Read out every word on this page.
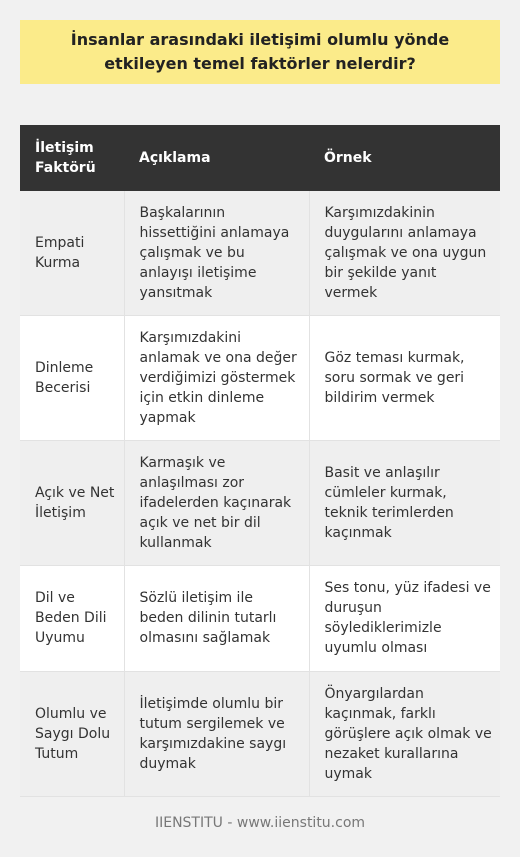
İnsanlar arasındaki iletişimi olumlu yönde etkileyen temel faktörler nelerdir?
İletişim Faktörü	Açıklama	Örnek
Empati Kurma	Başkalarının hissettiğini anlamaya çalışmak ve bu anlayışı iletişime yansıtmak	Karşımızdakinin duygularını anlamaya çalışmak ve ona uygun bir şekilde yanıt vermek
Dinleme Becerisi	Karşımızdakini anlamak ve ona değer verdiğimizi göstermek için etkin dinleme yapmak	Göz teması kurmak, soru sormak ve geri bildirim vermek
Açık ve Net İletişim	Karmaşık ve anlaşılması zor ifadelerden kaçınarak açık ve net bir dil kullanmak	Basit ve anlaşılır cümleler kurmak, teknik terimlerden kaçınmak
Dil ve Beden Dili Uyumu	Sözlü iletişim ile beden dilinin tutarlı olmasını sağlamak	Ses tonu, yüz ifadesi ve duruşun söylediklerimizle uyumlu olması
Olumlu ve Saygı Dolu Tutum	İletişimde olumlu bir tutum sergilemek ve karşımızdakine saygı duymak	Önyargılardan kaçınmak, farklı görüşlere açık olmak ve nezaket kurallarına uymak
IIENSTITU - www.iienstitu.com
